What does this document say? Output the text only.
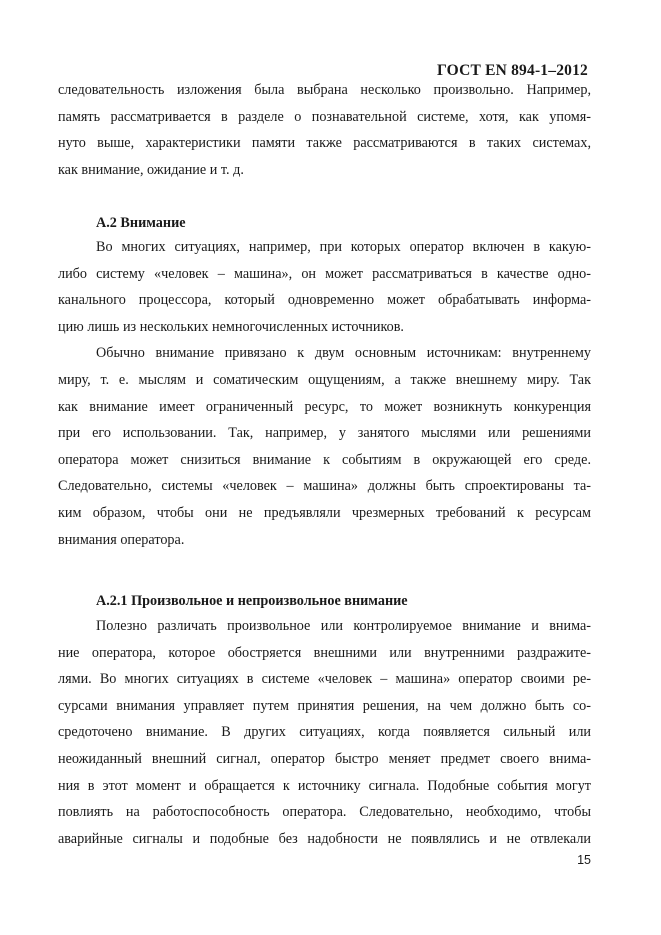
ГОСТ EN 894-1–2012
следовательность изложения была выбрана несколько произвольно. Например,
память рассматривается в разделе о познавательной системе, хотя, как упомя-
нуто выше, характеристики памяти также рассматриваются в таких системах,
как внимание, ожидание и т. д.
А.2 Внимание
Во многих ситуациях, например, при которых оператор включен в какую-
либо систему «человек – машина», он может рассматриваться в качестве одно-
канального процессора, который одновременно может обрабатывать информа-
цию лишь из нескольких немногочисленных источников.
Обычно внимание привязано к двум основным источникам: внутреннему
миру, т. е. мыслям и соматическим ощущениям, а также внешнему миру. Так
как внимание имеет ограниченный ресурс, то может возникнуть конкуренция
при его использовании. Так, например, у занятого мыслями или решениями
оператора может снизиться внимание к событиям в окружающей его среде.
Следовательно, системы «человек – машина» должны быть спроектированы та-
ким образом, чтобы они не предъявляли чрезмерных требований к ресурсам
внимания оператора.
А.2.1 Произвольное и непроизвольное внимание
Полезно различать произвольное или контролируемое внимание и внима-
ние оператора, которое обостряется внешними или внутренними раздражите-
лями. Во многих ситуациях в системе «человек – машина» оператор своими ре-
сурсами внимания управляет путем принятия решения, на чем должно быть со-
средоточено внимание. В других ситуациях, когда появляется сильный или
неожиданный внешний сигнал, оператор быстро меняет предмет своего внима-
ния в этот момент и обращается к источнику сигнала. Подобные события могут
повлиять на работоспособность оператора. Следовательно, необходимо, чтобы
аварийные сигналы и подобные без надобности не появлялись и не отвлекали
15
